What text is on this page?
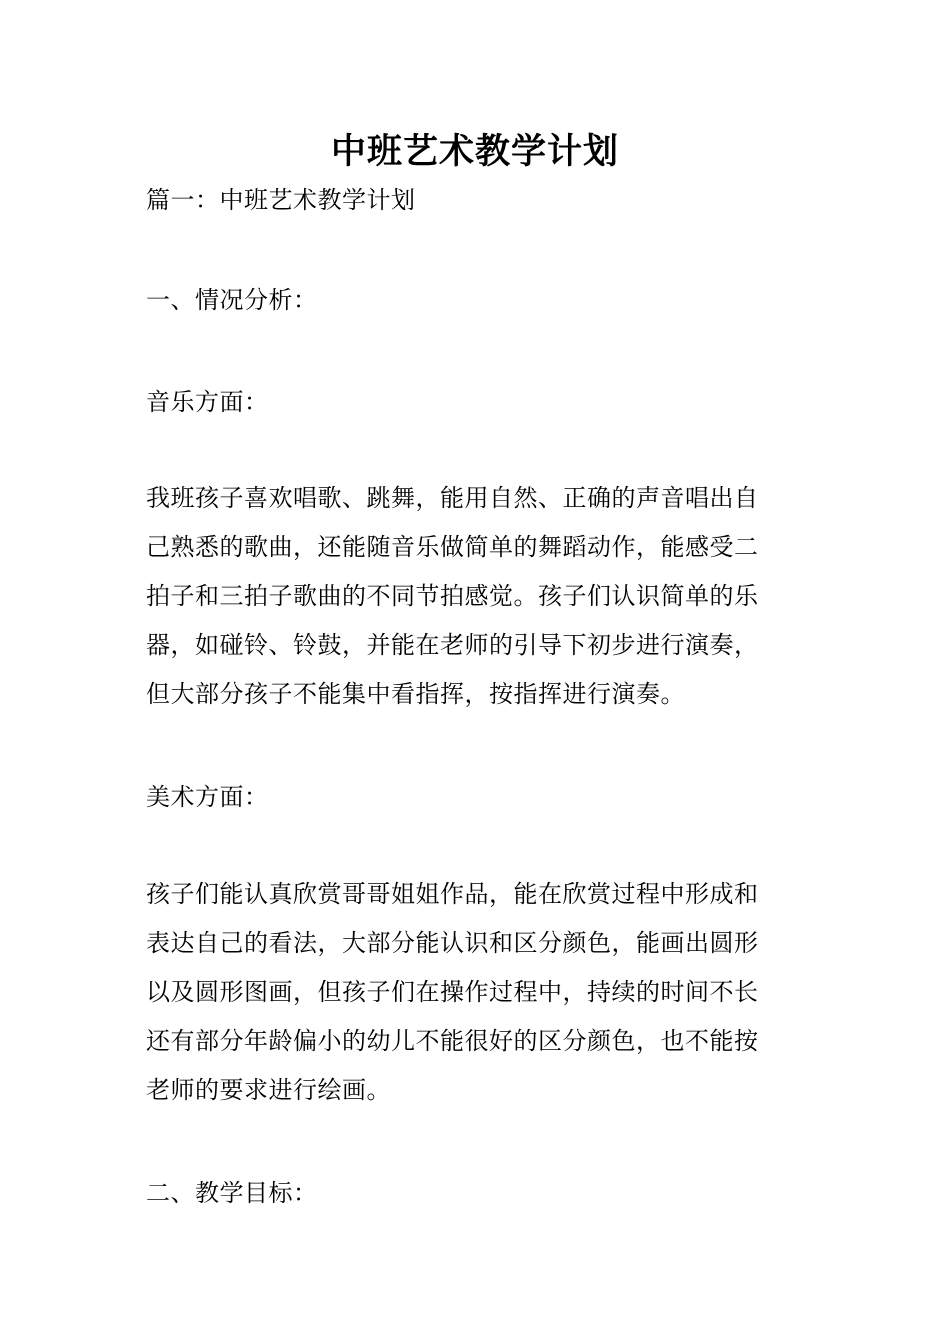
中班艺术教学计划
篇一：中班艺术教学计划
一、情况分析：
音乐方面：
我班孩子喜欢唱歌、跳舞，能用自然、正确的声音唱出自
己熟悉的歌曲，还能随音乐做简单的舞蹈动作，能感受二
拍子和三拍子歌曲的不同节拍感觉。孩子们认识简单的乐
器，如碰铃、铃鼓，并能在老师的引导下初步进行演奏，
但大部分孩子不能集中看指挥，按指挥进行演奏。
美术方面：
孩子们能认真欣赏哥哥姐姐作品，能在欣赏过程中形成和
表达自己的看法，大部分能认识和区分颜色，能画出圆形
以及圆形图画，但孩子们在操作过程中，持续的时间不长
还有部分年龄偏小的幼儿不能很好的区分颜色，也不能按
老师的要求进行绘画。
二、教学目标：
